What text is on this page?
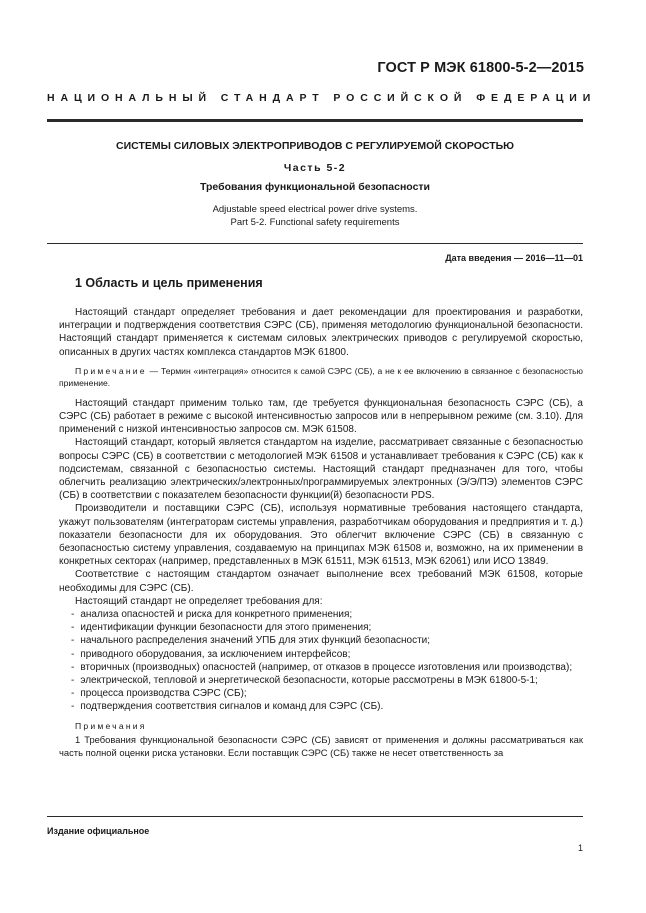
ГОСТ Р МЭК 61800-5-2—2015
НАЦИОНАЛЬНЫЙ СТАНДАРТ РОССИЙСКОЙ ФЕДЕРАЦИИ
СИСТЕМЫ СИЛОВЫХ ЭЛЕКТРОПРИВОДОВ С РЕГУЛИРУЕМОЙ СКОРОСТЬЮ
Часть 5-2
Требования функциональной безопасности
Adjustable speed electrical power drive systems.
Part 5-2. Functional safety requirements
Дата введения — 2016—11—01
1 Область и цель применения

Настоящий стандарт определяет требования и дает рекомендации для проектирования и разработки, интеграции и подтверждения соответствия СЭРС (СБ), применяя методологию функциональной безопасности. Настоящий стандарт применяется к системам силовых электрических приводов с регулируемой скоростью, описанных в других частях комплекса стандартов МЭК 61800.

Примечание — Термин «интеграция» относится к самой СЭРС (СБ), а не к ее включению в связанное с безопасностью применение.

Настоящий стандарт применим только там, где требуется функциональная безопасность СЭРС (СБ), а СЭРС (СБ) работает в режиме с высокой интенсивностью запросов или в непрерывном режиме (см. 3.10). Для применений с низкой интенсивностью запросов см. МЭК 61508.

Настоящий стандарт, который является стандартом на изделие, рассматривает связанные с безопасностью вопросы СЭРС (СБ) в соответствии с методологией МЭК 61508 и устанавливает требования к СЭРС (СБ) как к подсистемам, связанной с безопасностью системы. Настоящий стандарт предназначен для того, чтобы облегчить реализацию электрических/электронных/программируемых электронных (Э/Э/ПЭ) элементов СЭРС (СБ) в соответствии с показателем безопасности функции(й) безопасности PDS.

Производители и поставщики СЭРС (СБ), используя нормативные требования настоящего стандарта, укажут пользователям (интеграторам системы управления, разработчикам оборудования и предприятия и т. д.) показатели безопасности для их оборудования. Это облегчит включение СЭРС (СБ) в связанную с безопасностью систему управления, создаваемую на принципах МЭК 61508 и, возможно, на их применении в конкретных секторах (например, представленных в МЭК 61511, МЭК 61513, МЭК 62061) или ИСО 13849.

Соответствие с настоящим стандартом означает выполнение всех требований МЭК 61508, которые необходимы для СЭРС (СБ).

Настоящий стандарт не определяет требования для:

- анализа опасностей и риска для конкретного применения;
- идентификации функции безопасности для этого применения;
- начального распределения значений УПБ для этих функций безопасности;
- приводного оборудования, за исключением интерфейсов;
- вторичных (производных) опасностей (например, от отказов в процессе изготовления или производства);
- электрической, тепловой и энергетической безопасности, которые рассмотрены в МЭК 61800-5-1;
- процесса производства СЭРС (СБ);
- подтверждения соответствия сигналов и команд для СЭРС (СБ).

Примечания

1 Требования функциональной безопасности СЭРС (СБ) зависят от применения и должны рассматриваться как часть полной оценки риска установки. Если поставщик СЭРС (СБ) также не несет ответственность за

Издание официальное
1
